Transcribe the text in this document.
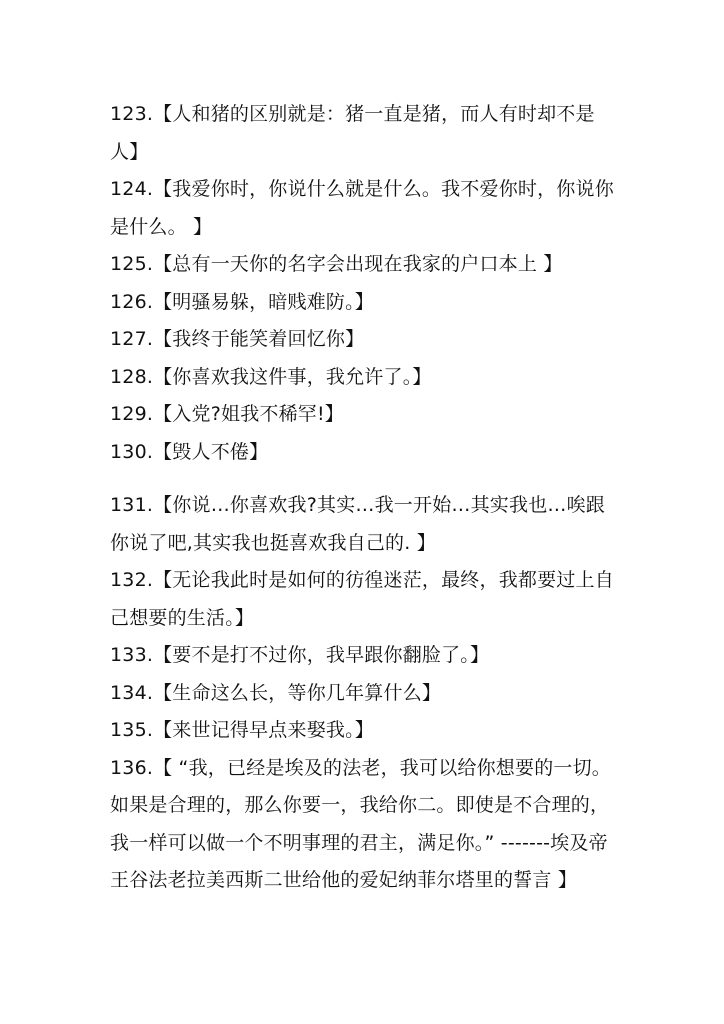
123.【人和猪的区别就是：猪一直是猪，而人有时却不是人】
124.【我爱你时，你说什么就是什么。我不爱你时，你说你是什么。 】
125.【总有一天你的名字会出现在我家的户口本上 】
126.【明骚易躲，暗贱难防。】
127.【我终于能笑着回忆你】
128.【你喜欢我这件事，我允许了。】
129.【入党?姐我不稀罕!】
130.【毁人不倦】
131.【你说…你喜欢我?其实…我一开始…其实我也…唉跟你说了吧,其实我也挺喜欢我自己的. 】
132.【无论我此时是如何的彷徨迷茫，最终，我都要过上自己想要的生活。】
133.【要不是打不过你，我早跟你翻脸了。】
134.【生命这么长，等你几年算什么】
135.【来世记得早点来娶我。】
136.【 “我，已经是埃及的法老，我可以给你想要的一切。如果是合理的，那么你要一，我给你二。即使是不合理的，我一样可以做一个不明事理的君主，满足你。” -------埃及帝王谷法老拉美西斯二世给他的爱妃纳菲尔塔里的誓言 】
